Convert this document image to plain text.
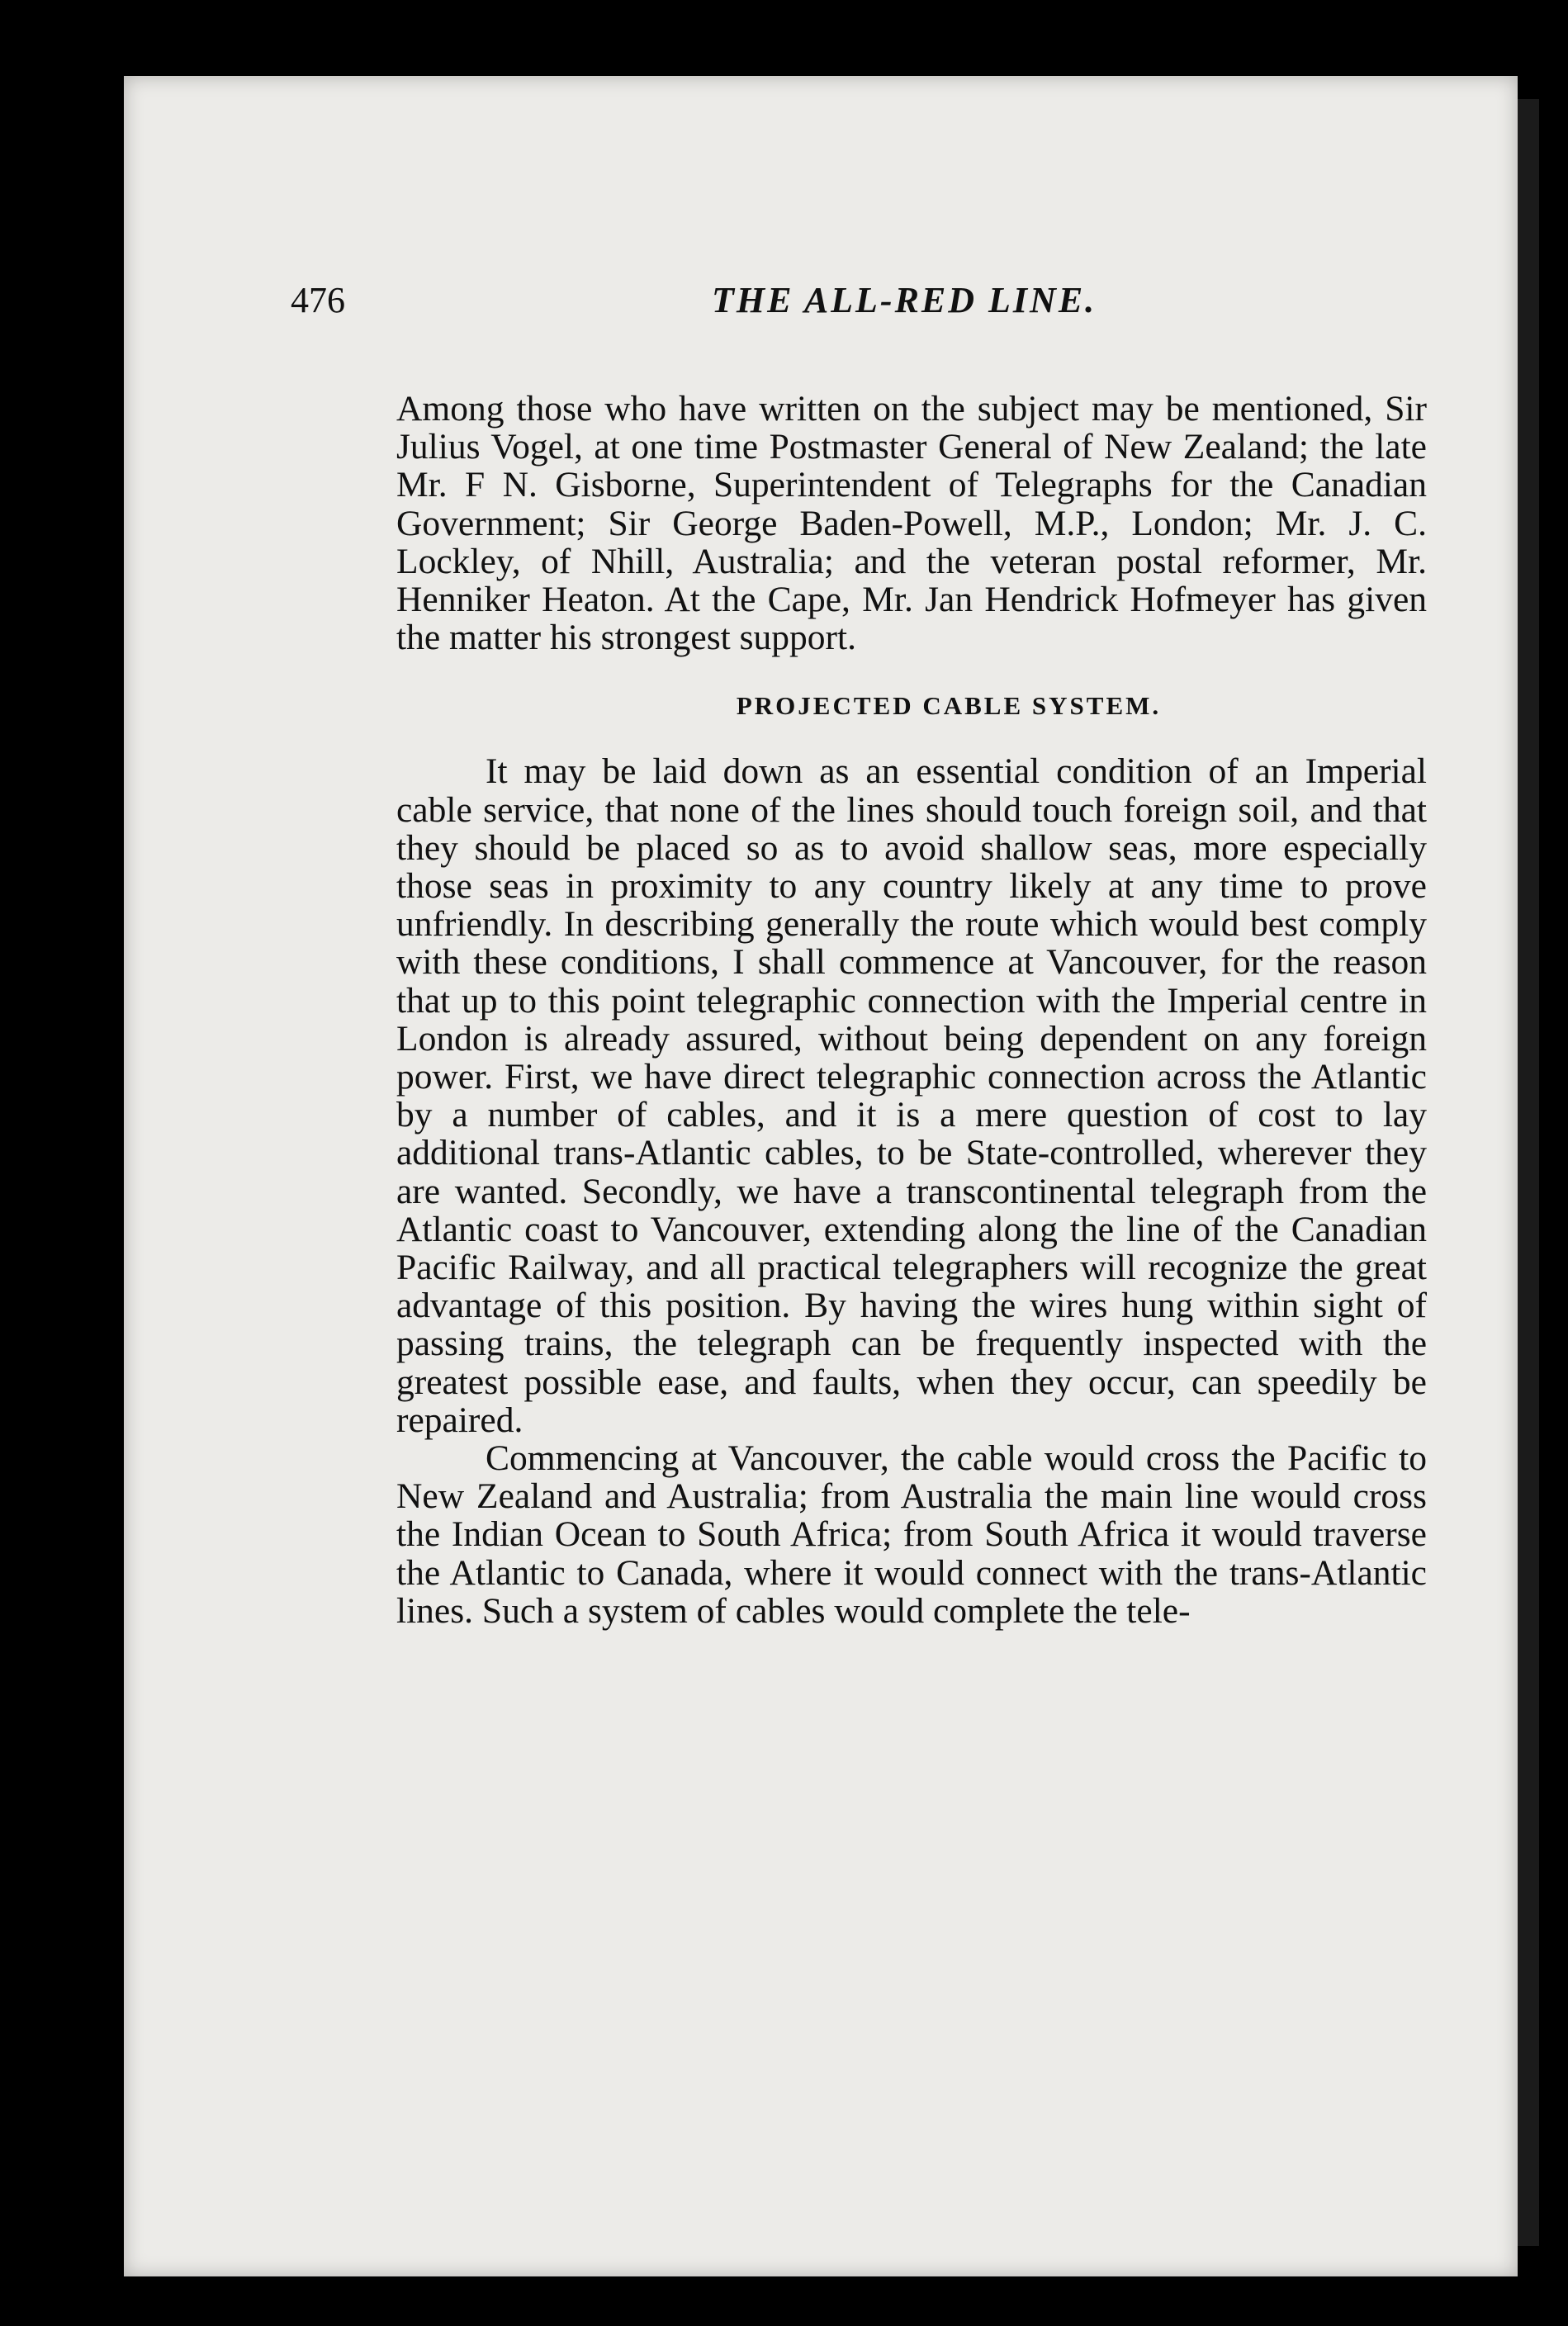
476	THE ALL-RED LINE.

Among those who have written on the subject may be mentioned, Sir Julius Vogel, at one time Postmaster General of New Zealand; the late Mr. F N. Gisborne, Superintendent of Telegraphs for the Canadian Government; Sir George Baden-Powell, M.P., London; Mr. J. C. Lockley, of Nhill, Australia; and the veteran postal reformer, Mr. Henniker Heaton. At the Cape, Mr. Jan Hendrick Hofmeyer has given the matter his strongest support.

PROJECTED CABLE SYSTEM.

It may be laid down as an essential condition of an Imperial cable service, that none of the lines should touch foreign soil, and that they should be placed so as to avoid shallow seas, more especially those seas in proximity to any country likely at any time to prove unfriendly. In describing generally the route which would best comply with these conditions, I shall commence at Vancouver, for the reason that up to this point telegraphic connection with the Imperial centre in London is already assured, without being dependent on any foreign power. First, we have direct telegraphic connection across the Atlantic by a number of cables, and it is a mere question of cost to lay additional trans-Atlantic cables, to be State-controlled, wherever they are wanted. Secondly, we have a transcontinental telegraph from the Atlantic coast to Vancouver, extending along the line of the Canadian Pacific Railway, and all practical telegraphers will recognize the great advantage of this position. By having the wires hung within sight of passing trains, the telegraph can be frequently inspected with the greatest possible ease, and faults, when they occur, can speedily be repaired.

Commencing at Vancouver, the cable would cross the Pacific to New Zealand and Australia; from Australia the main line would cross the Indian Ocean to South Africa; from South Africa it would traverse the Atlantic to Canada, where it would connect with the trans-Atlantic lines. Such a system of cables would complete the tele-
